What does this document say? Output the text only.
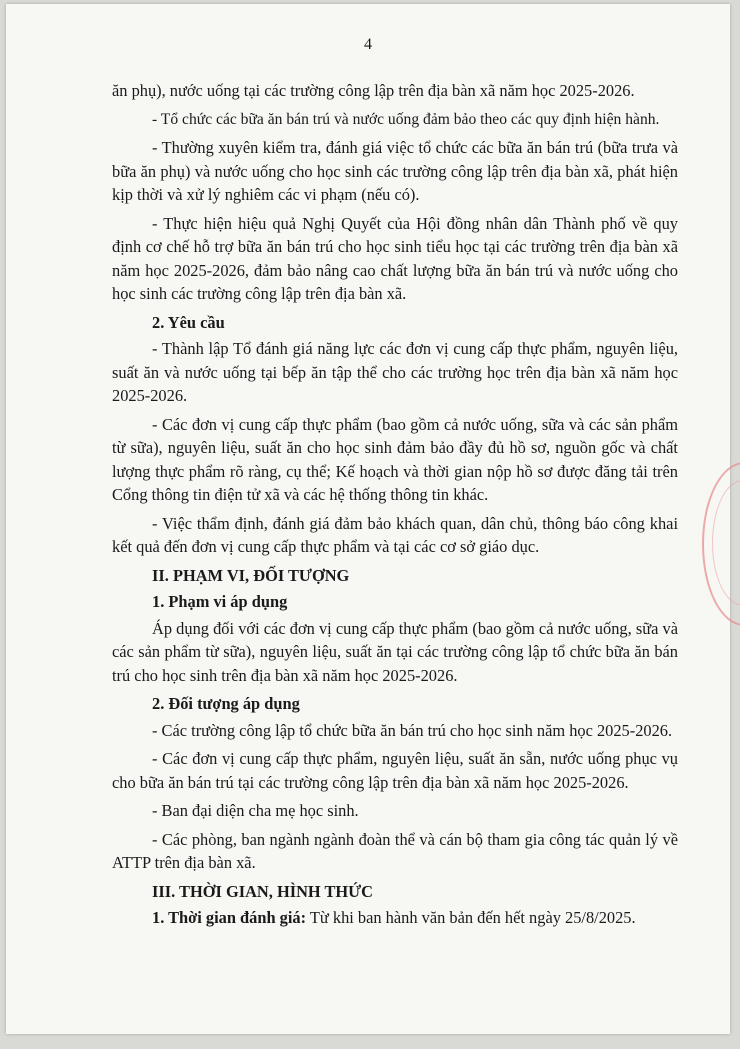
4

ăn phụ), nước uống tại các trường công lập trên địa bàn xã năm học 2025-2026.

- Tổ chức các bữa ăn bán trú và nước uống đảm bảo theo các quy định hiện hành.

- Thường xuyên kiểm tra, đánh giá việc tổ chức các bữa ăn bán trú (bữa trưa và bữa ăn phụ) và nước uống cho học sinh các trường công lập trên địa bàn xã, phát hiện kịp thời và xử lý nghiêm các vi phạm (nếu có).

- Thực hiện hiệu quả Nghị Quyết của Hội đồng nhân dân Thành phố về quy định cơ chế hỗ trợ bữa ăn bán trú cho học sinh tiểu học tại các trường trên địa bàn xã năm học 2025-2026, đảm bảo nâng cao chất lượng bữa ăn bán trú và nước uống cho học sinh các trường công lập trên địa bàn xã.

2. Yêu cầu

- Thành lập Tổ đánh giá năng lực các đơn vị cung cấp thực phẩm, nguyên liệu, suất ăn và nước uống tại bếp ăn tập thể cho các trường học trên địa bàn xã năm học 2025-2026.

- Các đơn vị cung cấp thực phẩm (bao gồm cả nước uống, sữa và các sản phẩm từ sữa), nguyên liệu, suất ăn cho học sinh đảm bảo đầy đủ hồ sơ, nguồn gốc và chất lượng thực phẩm rõ ràng, cụ thể; Kế hoạch và thời gian nộp hồ sơ được đăng tải trên Cổng thông tin điện tử xã và các hệ thống thông tin khác.

- Việc thẩm định, đánh giá đảm bảo khách quan, dân chủ, thông báo công khai kết quả đến đơn vị cung cấp thực phẩm và tại các cơ sở giáo dục.

II. PHẠM VI, ĐỐI TƯỢNG

1. Phạm vi áp dụng

Áp dụng đối với các đơn vị cung cấp thực phẩm (bao gồm cả nước uống, sữa và các sản phẩm từ sữa), nguyên liệu, suất ăn tại các trường công lập tổ chức bữa ăn bán trú cho học sinh trên địa bàn xã năm học 2025-2026.

2. Đối tượng áp dụng

- Các trường công lập tổ chức bữa ăn bán trú cho học sinh năm học 2025-2026.

- Các đơn vị cung cấp thực phẩm, nguyên liệu, suất ăn sẵn, nước uống phục vụ cho bữa ăn bán trú tại các trường công lập trên địa bàn xã năm học 2025-2026.

- Ban đại diện cha mẹ học sinh.

- Các phòng, ban ngành ngành đoàn thể và cán bộ tham gia công tác quản lý về ATTP trên địa bàn xã.

III. THỜI GIAN, HÌNH THỨC

1. Thời gian đánh giá: Từ khi ban hành văn bản đến hết ngày 25/8/2025.
